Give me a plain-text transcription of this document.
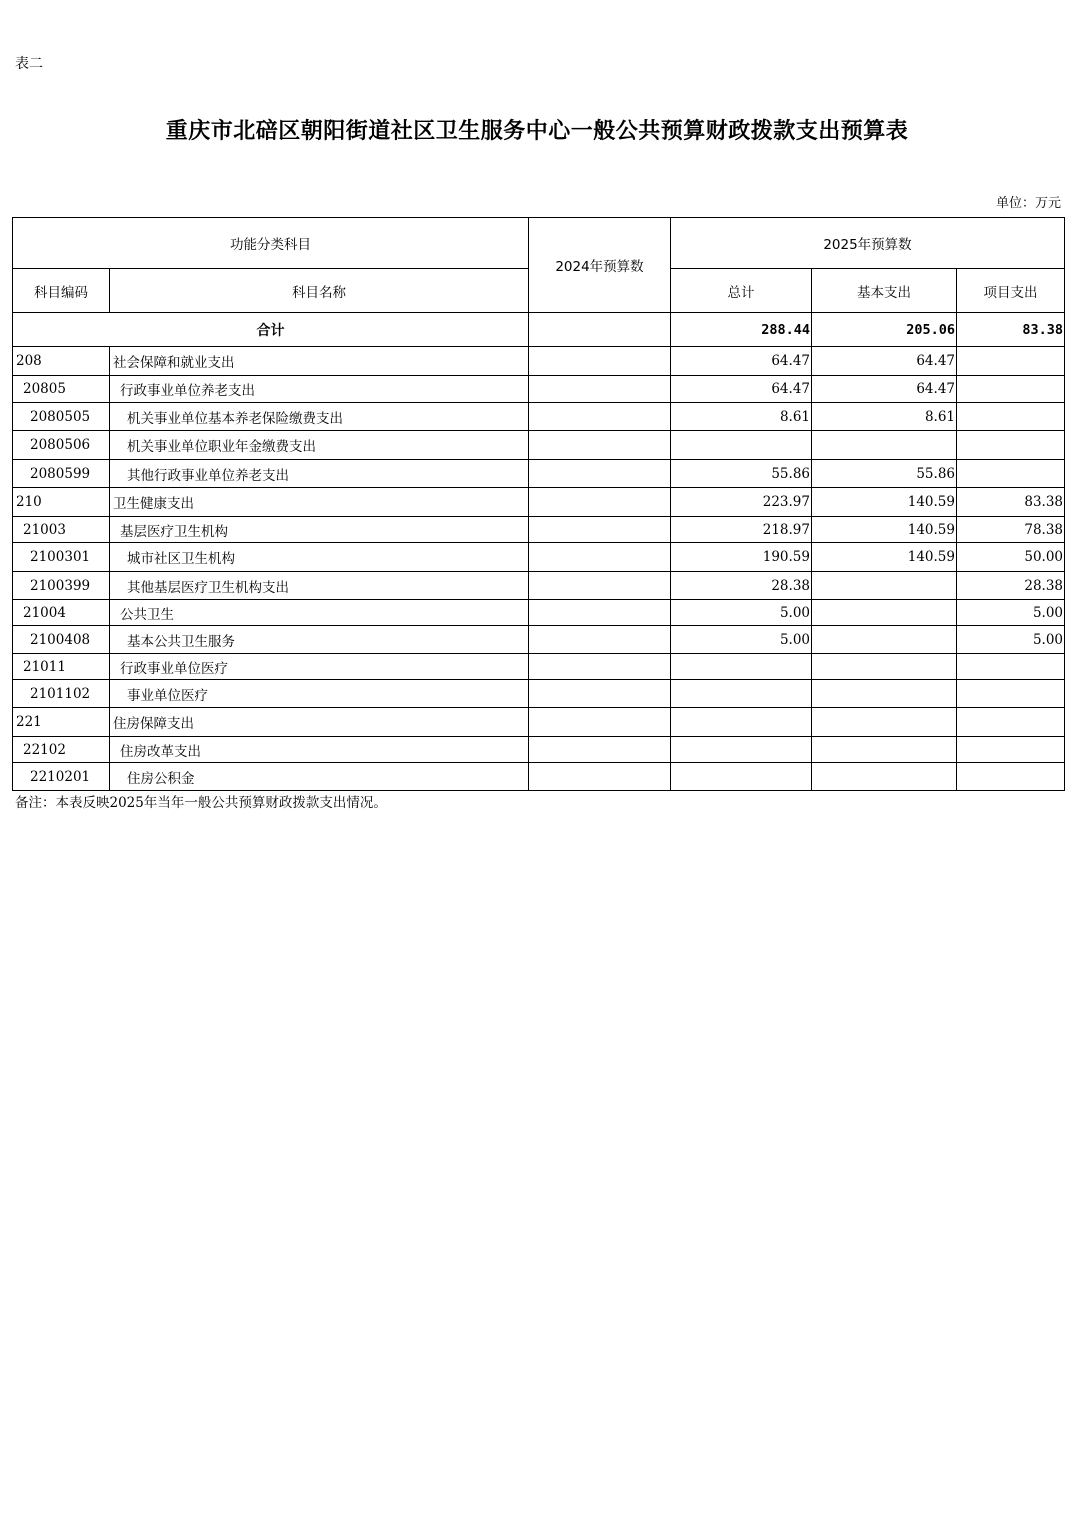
表二
重庆市北碚区朝阳街道社区卫生服务中心一般公共预算财政拨款支出预算表
单位：万元
功能分类科目		2024年预算数	2025年预算数		
科目编码	科目名称		总计	基本支出	项目支出
合计			288.44	205.06	83.38
208	社会保障和就业支出		64.47	64.47	
20805	行政事业单位养老支出		64.47	64.47	
2080505	机关事业单位基本养老保险缴费支出		8.61	8.61	
2080506	机关事业单位职业年金缴费支出				
2080599	其他行政事业单位养老支出		55.86	55.86	
210	卫生健康支出		223.97	140.59	83.38
21003	基层医疗卫生机构		218.97	140.59	78.38
2100301	城市社区卫生机构		190.59	140.59	50.00
2100399	其他基层医疗卫生机构支出		28.38		28.38
21004	公共卫生		5.00		5.00
2100408	基本公共卫生服务		5.00		5.00
21011	行政事业单位医疗				
2101102	事业单位医疗				
221	住房保障支出				
22102	住房改革支出				
2210201	住房公积金				
备注：本表反映2025年当年一般公共预算财政拨款支出情况。
